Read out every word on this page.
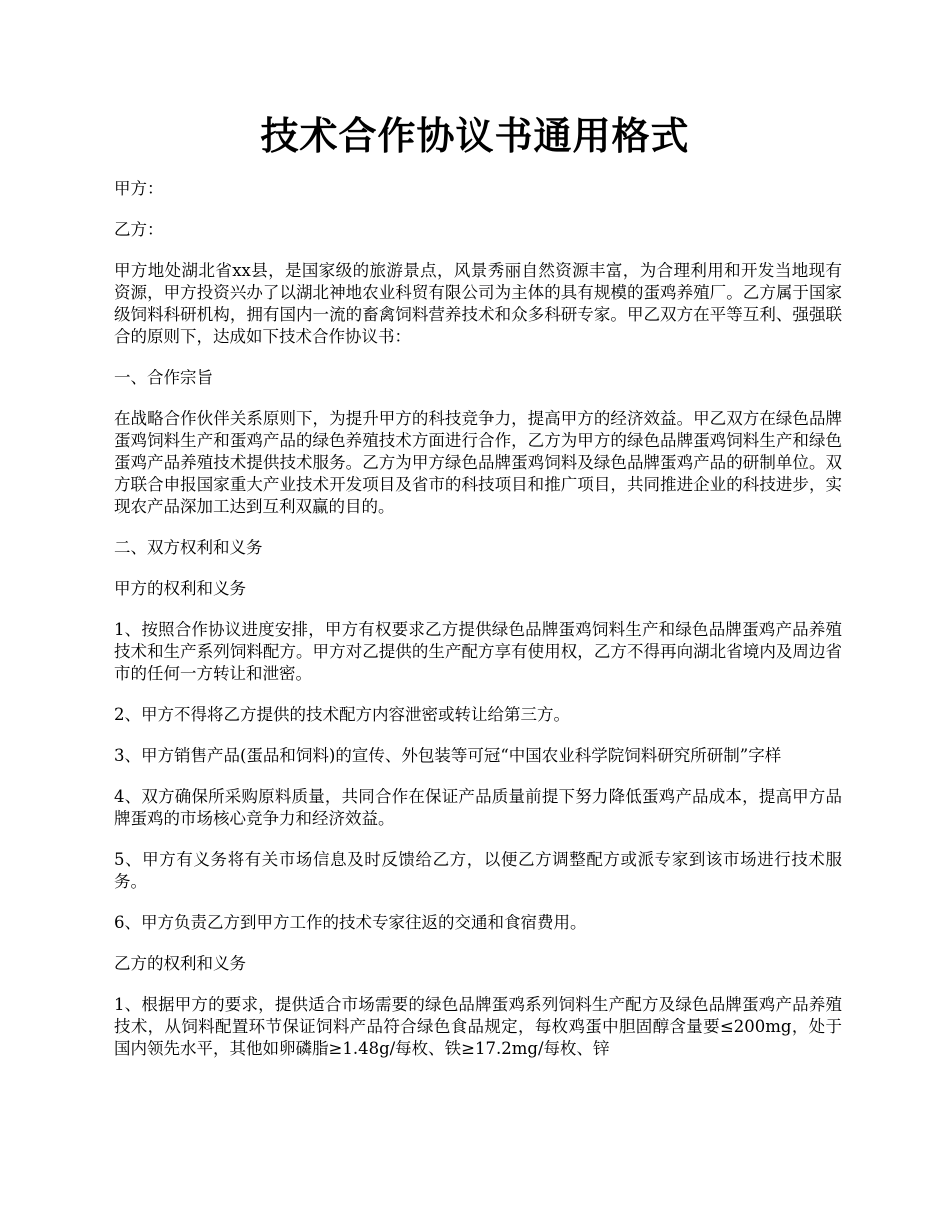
技术合作协议书通用格式

甲方：

乙方：

甲方地处湖北省xx县，是国家级的旅游景点，风景秀丽自然资源丰富，为合理利用和开发当地现有资源，甲方投资兴办了以湖北神地农业科贸有限公司为主体的具有规模的蛋鸡养殖厂。乙方属于国家级饲料科研机构，拥有国内一流的畜禽饲料营养技术和众多科研专家。甲乙双方在平等互利、强强联合的原则下，达成如下技术合作协议书：

一、合作宗旨

在战略合作伙伴关系原则下，为提升甲方的科技竞争力，提高甲方的经济效益。甲乙双方在绿色品牌蛋鸡饲料生产和蛋鸡产品的绿色养殖技术方面进行合作，乙方为甲方的绿色品牌蛋鸡饲料生产和绿色蛋鸡产品养殖技术提供技术服务。乙方为甲方绿色品牌蛋鸡饲料及绿色品牌蛋鸡产品的研制单位。双方联合申报国家重大产业技术开发项目及省市的科技项目和推广项目，共同推进企业的科技进步，实现农产品深加工达到互利双赢的目的。

二、双方权利和义务

甲方的权利和义务

1、按照合作协议进度安排，甲方有权要求乙方提供绿色品牌蛋鸡饲料生产和绿色品牌蛋鸡产品养殖技术和生产系列饲料配方。甲方对乙提供的生产配方享有使用权，乙方不得再向湖北省境内及周边省市的任何一方转让和泄密。

2、甲方不得将乙方提供的技术配方内容泄密或转让给第三方。

3、甲方销售产品(蛋品和饲料)的宣传、外包装等可冠“中国农业科学院饲料研究所研制”字样

4、双方确保所采购原料质量，共同合作在保证产品质量前提下努力降低蛋鸡产品成本，提高甲方品牌蛋鸡的市场核心竞争力和经济效益。

5、甲方有义务将有关市场信息及时反馈给乙方，以便乙方调整配方或派专家到该市场进行技术服务。

6、甲方负责乙方到甲方工作的技术专家往返的交通和食宿费用。

乙方的权利和义务

1、根据甲方的要求，提供适合市场需要的绿色品牌蛋鸡系列饲料生产配方及绿色品牌蛋鸡产品养殖技术，从饲料配置环节保证饲料产品符合绿色食品规定，每枚鸡蛋中胆固醇含量要≤200mg，处于国内领先水平，其他如卵磷脂≥1.48g/每枚、铁≥17.2mg/每枚、锌
